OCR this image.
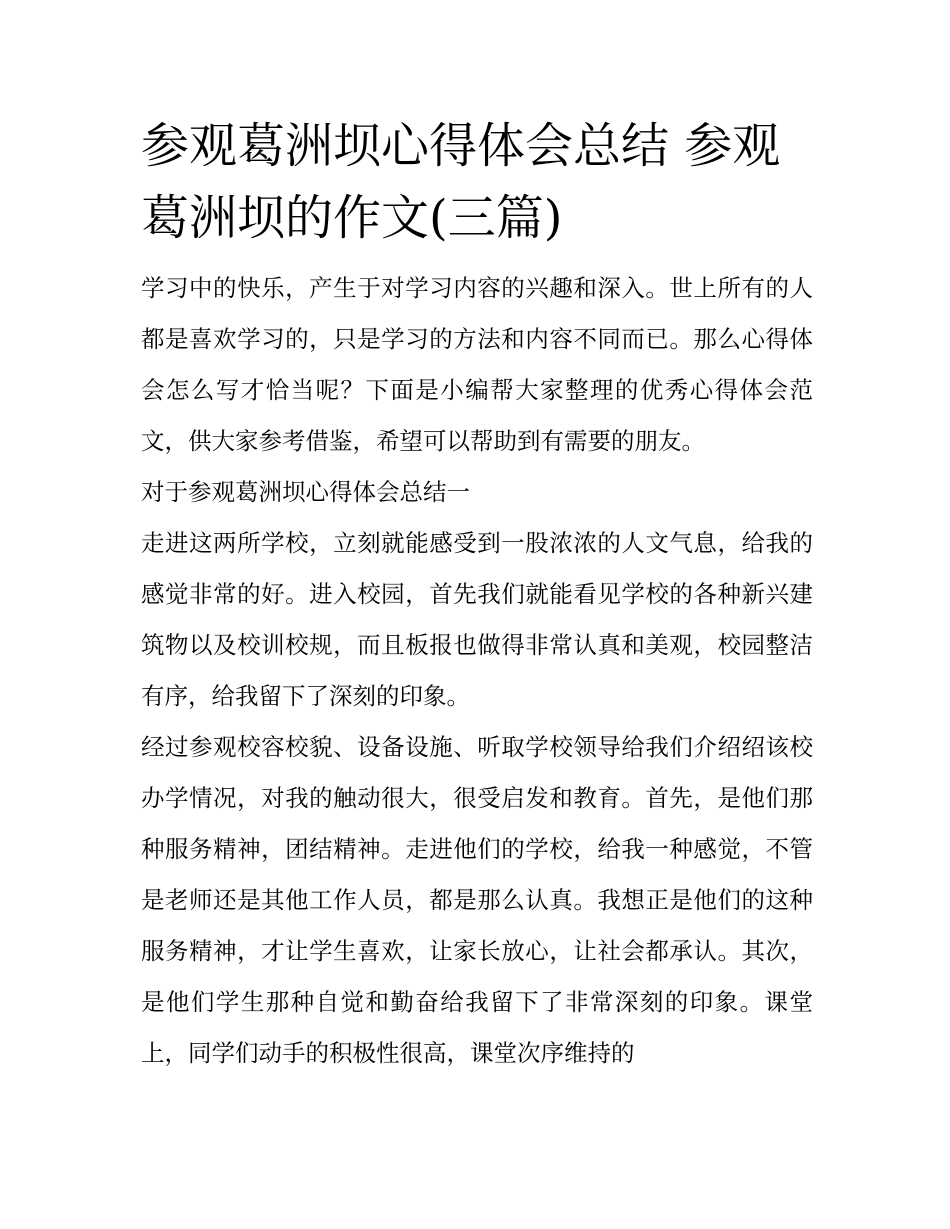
参观葛洲坝心得体会总结 参观葛洲坝的作文(三篇)

学习中的快乐，产生于对学习内容的兴趣和深入。世上所有的人都是喜欢学习的，只是学习的方法和内容不同而已。那么心得体会怎么写才恰当呢？下面是小编帮大家整理的优秀心得体会范文，供大家参考借鉴，希望可以帮助到有需要的朋友。

对于参观葛洲坝心得体会总结一

走进这两所学校，立刻就能感受到一股浓浓的人文气息，给我的感觉非常的好。进入校园，首先我们就能看见学校的各种新兴建筑物以及校训校规，而且板报也做得非常认真和美观，校园整洁有序，给我留下了深刻的印象。

经过参观校容校貌、设备设施、听取学校领导给我们介绍绍该校办学情况，对我的触动很大，很受启发和教育。首先，是他们那种服务精神，团结精神。走进他们的学校，给我一种感觉，不管是老师还是其他工作人员，都是那么认真。我想正是他们的这种服务精神，才让学生喜欢，让家长放心，让社会都承认。其次，是他们学生那种自觉和勤奋给我留下了非常深刻的印象。课堂上，同学们动手的积极性很高，课堂次序维持的
